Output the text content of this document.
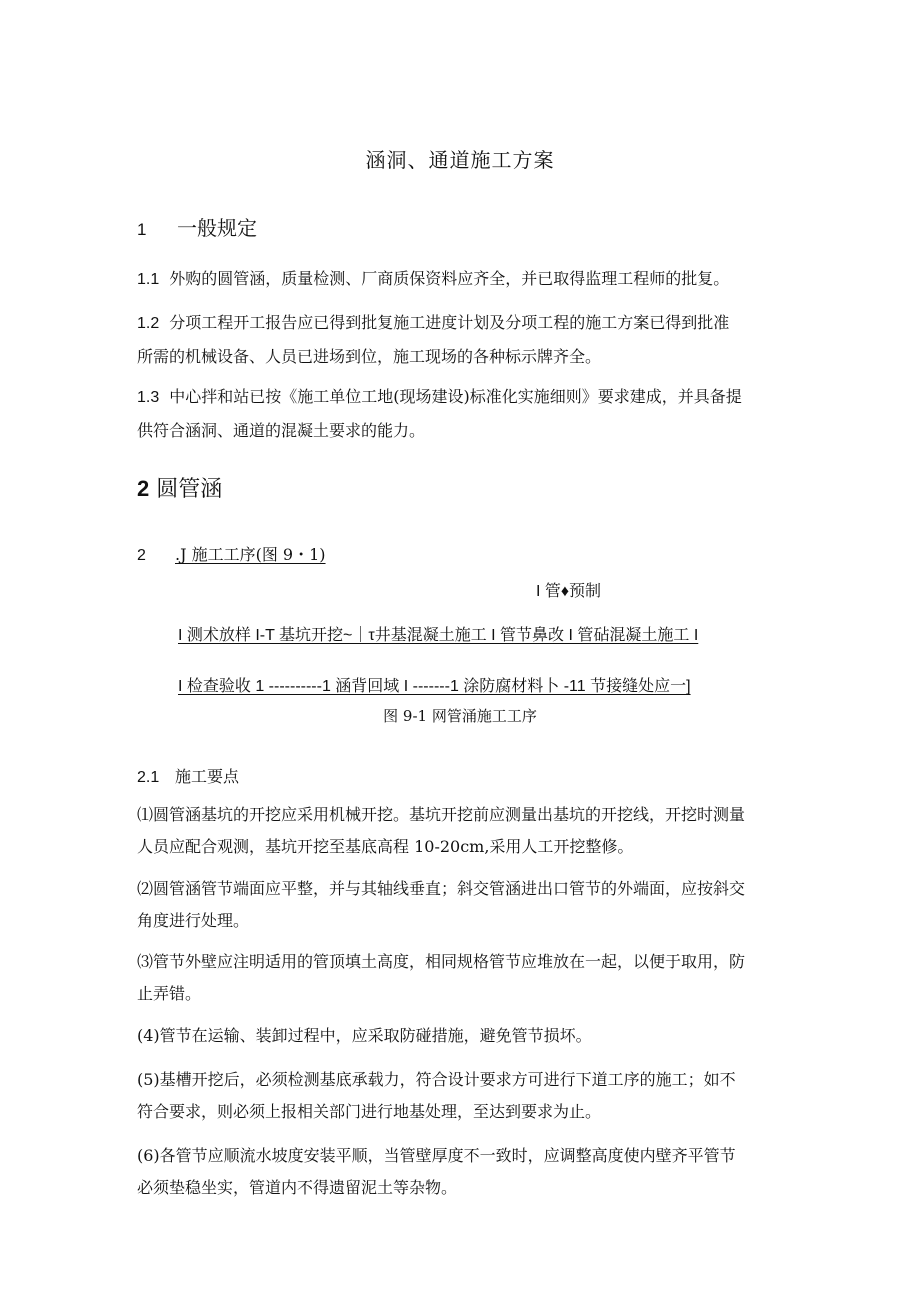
涵洞、通道施工方案
1 一般规定
1.1 外购的圆管涵，质量检测、厂商质保资料应齐全，并已取得监理工程师的批复。
1.2 分项工程开工报告应已得到批复施工进度计划及分项工程的施工方案已得到批准
所需的机械设备、人员已进场到位，施工现场的各种标示牌齐全。
1.3 中心拌和站已按《施工单位工地(现场建设)标准化实施细则》要求建成，并具备提
供符合涵洞、通道的混凝土要求的能力。
2 圆管涵
2 .J 施工工序(图 9・1)
I 管♦预制
I 测术放样 I-T 基坑开挖~｜τ井基混凝土施工 I 管节鼻改 I 管砧混凝土施工 I
I 检查验收 1 ----------1 涵背回域 I -------1 涂防腐材料卜 -11 节接缝处应一]
图 9-1 网管涌施工工序
2.1 施工要点
⑴圆管涵基坑的开挖应采用机械开挖。基坑开挖前应测量出基坑的开挖线，开挖时测量
人员应配合观测，基坑开挖至基底高程 10-20cm,采用人工开挖整修。
⑵圆管涵管节端面应平整，并与其轴线垂直；斜交管涵进出口管节的外端面，应按斜交
角度进行处理。
⑶管节外壁应注明适用的管顶填土高度，相同规格管节应堆放在一起，以便于取用，防
止弄错。
(4)管节在运输、装卸过程中，应采取防碰措施，避免管节损坏。
(5)基槽开挖后，必须检测基底承载力，符合设计要求方可进行下道工序的施工；如不
符合要求，则必须上报相关部门进行地基处理，至达到要求为止。
(6)各管节应顺流水坡度安装平顺，当管壁厚度不一致时，应调整高度使内壁齐平管节
必须垫稳坐实，管道内不得遗留泥土等杂物。
